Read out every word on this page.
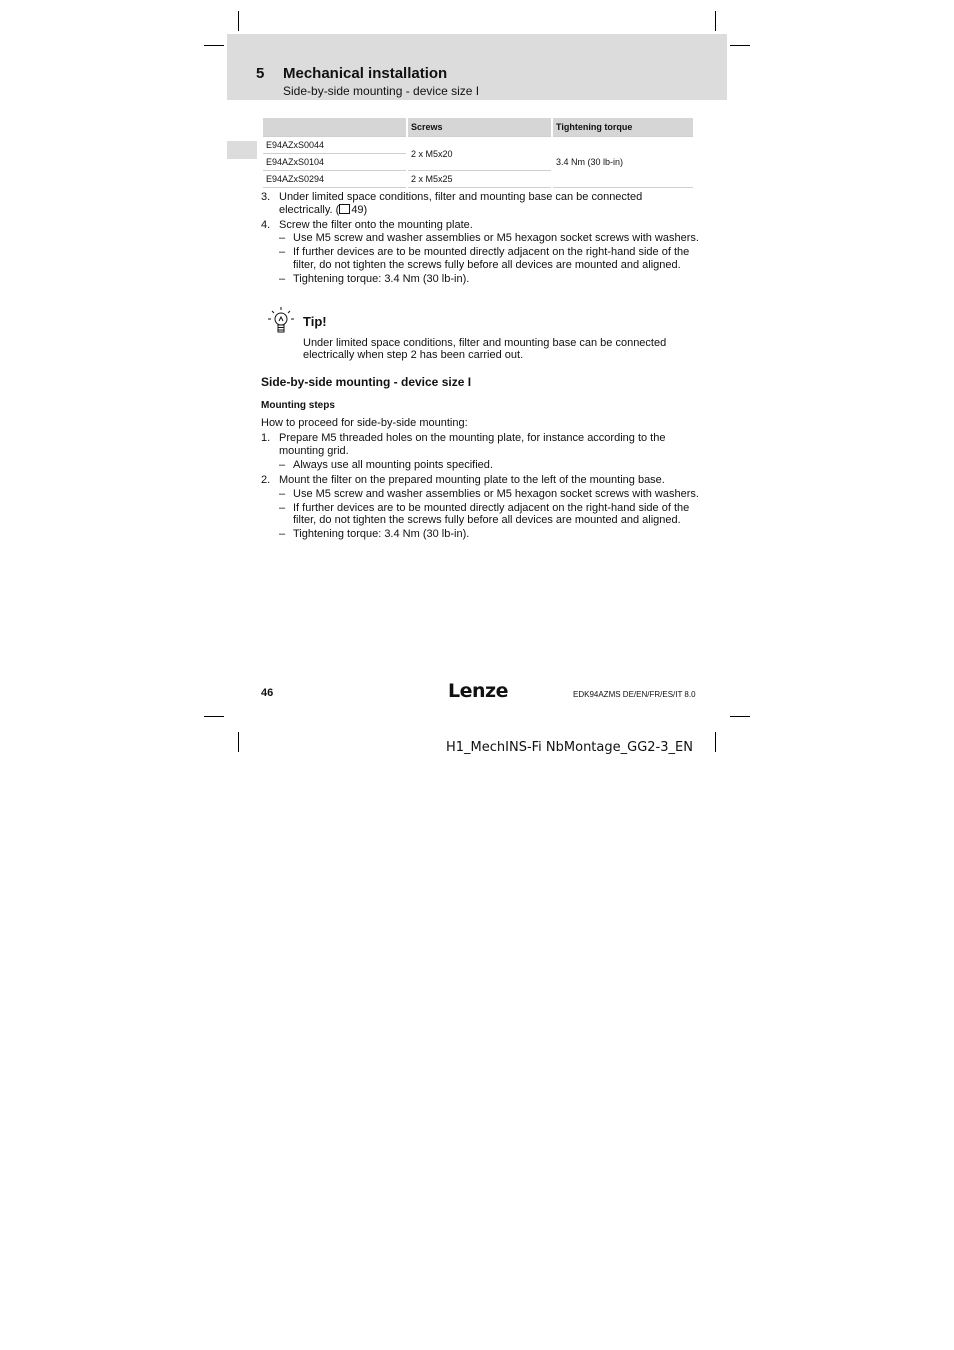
5 Mechanical installation
Side-by-side mounting - device size I
	Screws	Tightening torque
E94AZxS0044	2 x M5x20	3.4 Nm (30 lb-in)
E94AZxS0104		
E94AZxS0294	2 x M5x25	
3. Under limited space conditions, filter and mounting base can be connected
electrically. ( 49)
4. Screw the filter onto the mounting plate.
– Use M5 screw and washer assemblies or M5 hexagon socket screws with washers.
– If further devices are to be mounted directly adjacent on the right-hand side of the
filter, do not tighten the screws fully before all devices are mounted and aligned.
– Tightening torque: 3.4 Nm (30 lb-in).
Tip!
Under limited space conditions, filter and mounting base can be connected
electrically when step 2 has been carried out.
Side-by-side mounting - device size I
Mounting steps
How to proceed for side-by-side mounting:
1. Prepare M5 threaded holes on the mounting plate, for instance according to the
mounting grid.
– Always use all mounting points specified.
2. Mount the filter on the prepared mounting plate to the left of the mounting base.
– Use M5 screw and washer assemblies or M5 hexagon socket screws with washers.
– If further devices are to be mounted directly adjacent on the right-hand side of the
filter, do not tighten the screws fully before all devices are mounted and aligned.
– Tightening torque: 3.4 Nm (30 lb-in).
46	Lenze	EDK94AZMS DE/EN/FR/ES/IT 8.0
H1_MechINS-Fi NbMontage_GG2-3_EN
